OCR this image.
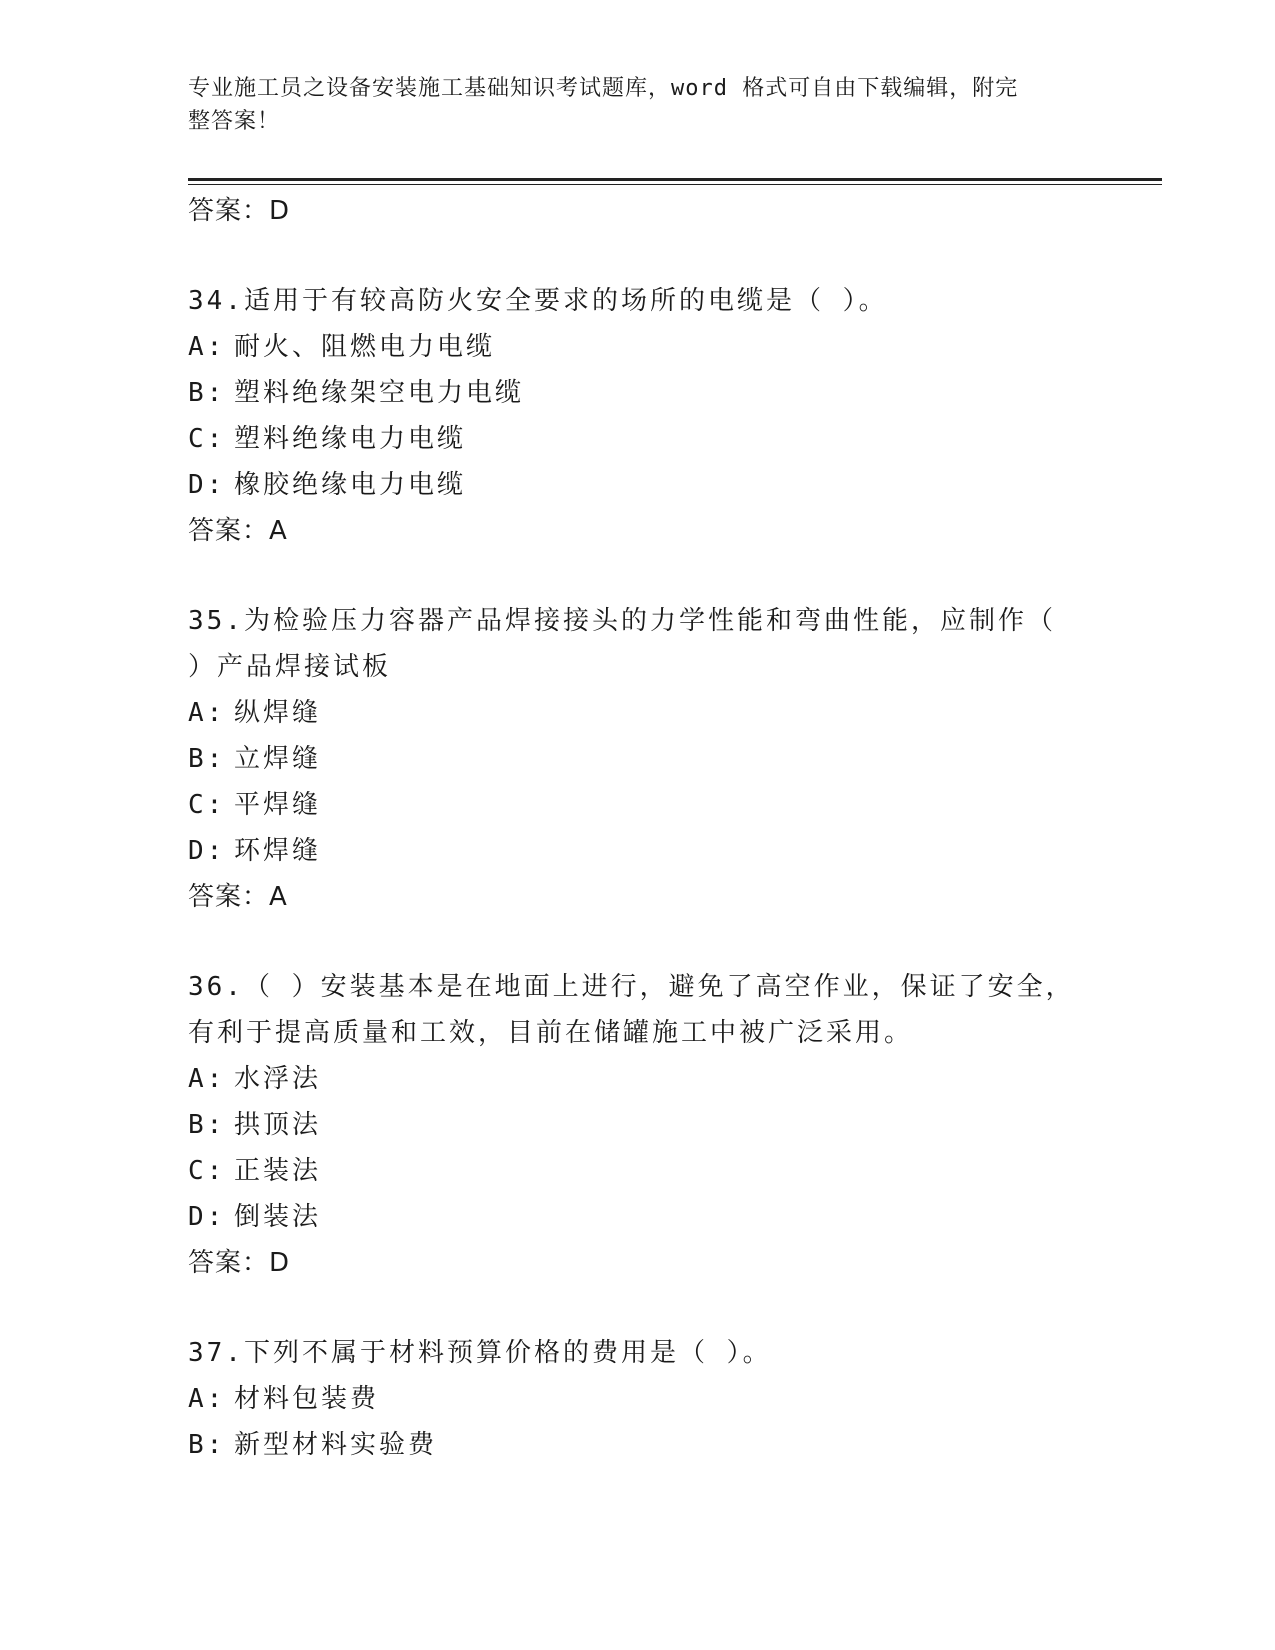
专业施工员之设备安装施工基础知识考试题库，word 格式可自由下载编辑，附完
整答案！
答案：D
34.适用于有较高防火安全要求的场所的电缆是（ ）。
A: 耐火、阻燃电力电缆
B: 塑料绝缘架空电力电缆
C: 塑料绝缘电力电缆
D: 橡胶绝缘电力电缆
答案：A
35.为检验压力容器产品焊接接头的力学性能和弯曲性能，应制作（
）产品焊接试板
A: 纵焊缝
B: 立焊缝
C: 平焊缝
D: 环焊缝
答案：A
36.（ ）安装基本是在地面上进行，避免了高空作业，保证了安全，
有利于提高质量和工效，目前在储罐施工中被广泛采用。
A: 水浮法
B: 拱顶法
C: 正装法
D: 倒装法
答案：D
37.下列不属于材料预算价格的费用是（ ）。
A: 材料包装费
B: 新型材料实验费
